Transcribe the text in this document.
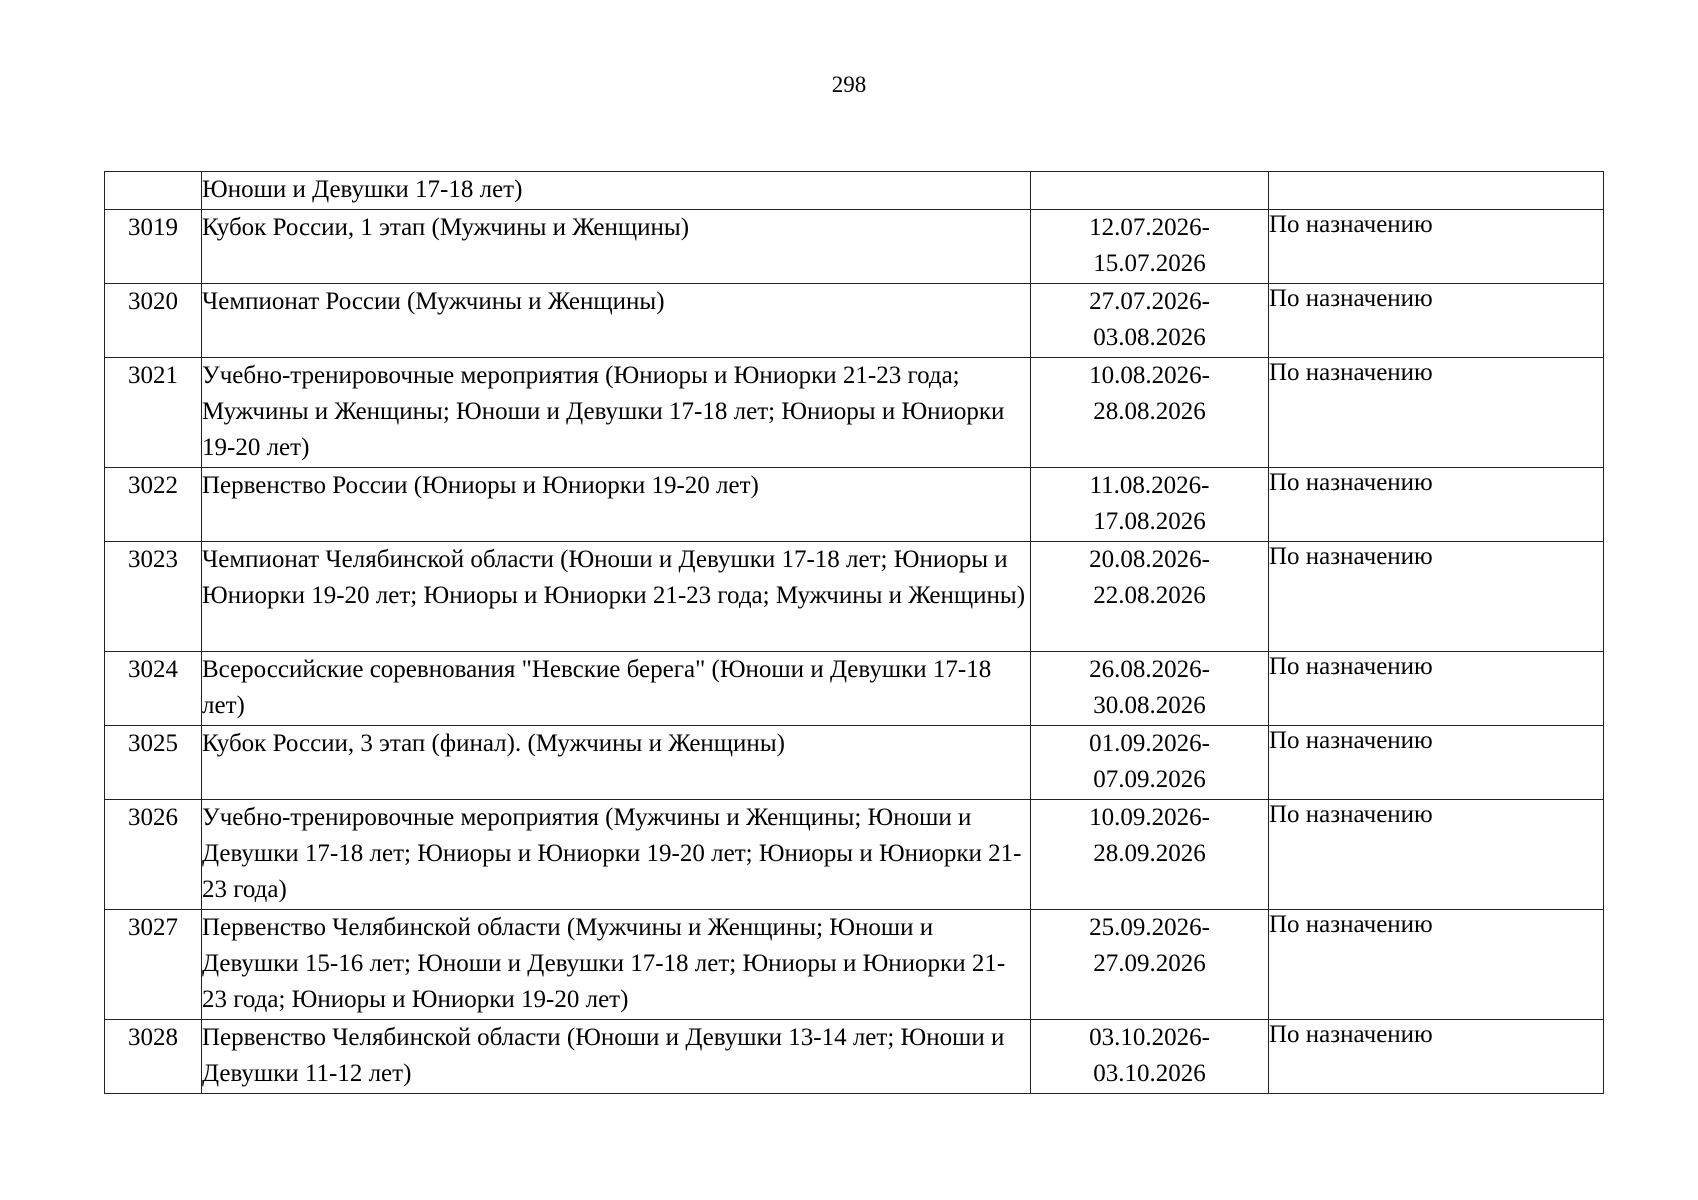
298
	Юноши и Девушки 17-18 лет)		
3019	Кубок России, 1 этап (Мужчины и Женщины)	12.07.2026-
15.07.2026	По назначению
3020	Чемпионат России (Мужчины и Женщины)	27.07.2026-
03.08.2026	По назначению
3021	Учебно-тренировочные мероприятия (Юниоры и Юниорки 21-23 года; Мужчины и Женщины; Юноши и Девушки 17-18 лет; Юниоры и Юниорки 19-20 лет)	10.08.2026-
28.08.2026	По назначению
3022	Первенство России (Юниоры и Юниорки 19-20 лет)	11.08.2026-
17.08.2026	По назначению
3023	Чемпионат Челябинской области (Юноши и Девушки 17-18 лет; Юниоры и Юниорки 19-20 лет; Юниоры и Юниорки 21-23 года; Мужчины и Женщины)	20.08.2026-
22.08.2026	По назначению
3024	Всероссийские соревнования "Невские берега" (Юноши и Девушки 17-18 лет)	26.08.2026-
30.08.2026	По назначению
3025	Кубок России, 3 этап (финал). (Мужчины и Женщины)	01.09.2026-
07.09.2026	По назначению
3026	Учебно-тренировочные мероприятия (Мужчины и Женщины; Юноши и Девушки 17-18 лет; Юниоры и Юниорки 19-20 лет; Юниоры и Юниорки 21-23 года)	10.09.2026-
28.09.2026	По назначению
3027	Первенство Челябинской области (Мужчины и Женщины; Юноши и Девушки 15-16 лет; Юноши и Девушки 17-18 лет; Юниоры и Юниорки 21-23 года; Юниоры и Юниорки 19-20 лет)	25.09.2026-
27.09.2026	По назначению
3028	Первенство Челябинской области (Юноши и Девушки 13-14 лет; Юноши и Девушки 11-12 лет)	03.10.2026-
03.10.2026	По назначению
